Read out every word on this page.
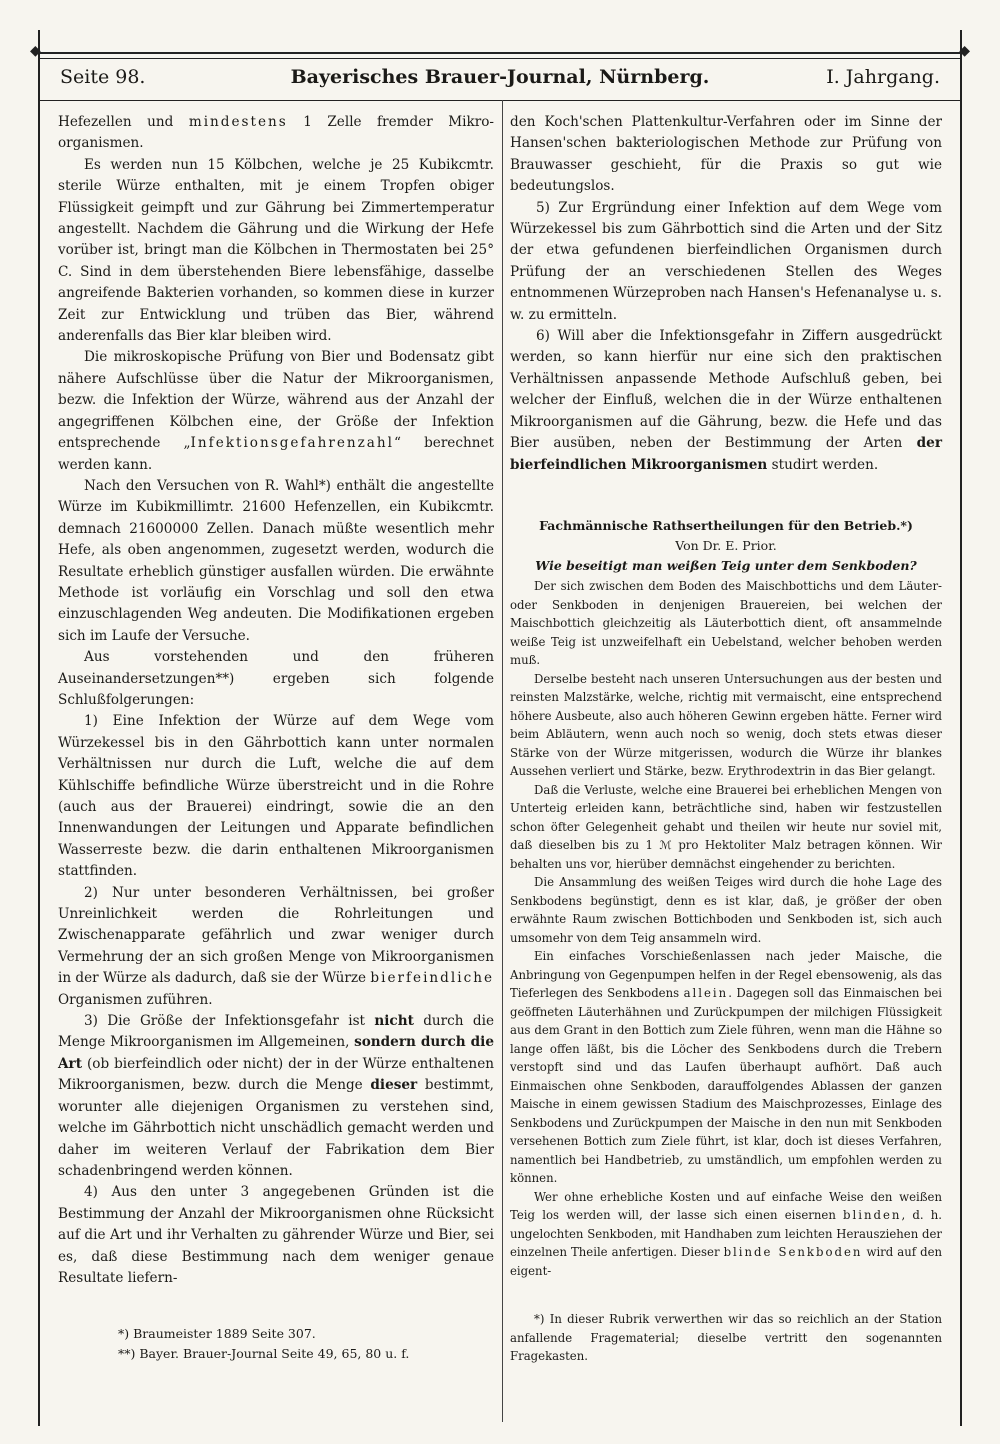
◆	◆
Seite 98.	Bayerisches Brauer-Journal, Nürnberg.	I. Jahrgang.

Hefezellen und mindestens 1 Zelle fremder Mikro-organismen.

Es werden nun 15 Kölbchen, welche je 25 Kubikcmtr. sterile Würze enthalten, mit je einem Tropfen obiger Flüssigkeit geimpft und zur Gährung bei Zimmertemperatur angestellt. Nachdem die Gährung und die Wirkung der Hefe vorüber ist, bringt man die Kölbchen in Thermostaten bei 25° C. Sind in dem überstehenden Biere lebensfähige, dasselbe angreifende Bakterien vorhanden, so kommen diese in kurzer Zeit zur Entwicklung und trüben das Bier, während anderenfalls das Bier klar bleiben wird.

Die mikroskopische Prüfung von Bier und Bodensatz gibt nähere Aufschlüsse über die Natur der Mikroorganismen, bezw. die Infektion der Würze, während aus der Anzahl der angegriffenen Kölbchen eine, der Größe der Infektion entsprechende „Infektionsgefahrenzahl“ berechnet werden kann.

Nach den Versuchen von R. Wahl*) enthält die angestellte Würze im Kubikmillimtr. 21600 Hefenzellen, ein Kubikcmtr. demnach 21600000 Zellen. Danach müßte wesentlich mehr Hefe, als oben angenommen, zugesetzt werden, wodurch die Resultate erheblich günstiger ausfallen würden. Die erwähnte Methode ist vorläufig ein Vorschlag und soll den etwa einzuschlagenden Weg andeuten. Die Modifikationen ergeben sich im Laufe der Versuche.

Aus vorstehenden und den früheren Auseinandersetzungen**) ergeben sich folgende Schlußfolgerungen:

1) Eine Infektion der Würze auf dem Wege vom Würzekessel bis in den Gährbottich kann unter normalen Verhältnissen nur durch die Luft, welche die auf dem Kühlschiffe befindliche Würze überstreicht und in die Rohre (auch aus der Brauerei) eindringt, sowie die an den Innenwandungen der Leitungen und Apparate befindlichen Wasserreste bezw. die darin enthaltenen Mikroorganismen stattfinden.

2) Nur unter besonderen Verhältnissen, bei großer Unreinlichkeit werden die Rohrleitungen und Zwischenapparate gefährlich und zwar weniger durch Vermehrung der an sich großen Menge von Mikroorganismen in der Würze als dadurch, daß sie der Würze bierfeindliche Organismen zuführen.

3) Die Größe der Infektionsgefahr ist nicht durch die Menge Mikroorganismen im Allgemeinen, sondern durch die Art (ob bierfeindlich oder nicht) der in der Würze enthaltenen Mikroorganismen, bezw. durch die Menge dieser bestimmt, worunter alle diejenigen Organismen zu verstehen sind, welche im Gährbottich nicht unschädlich gemacht werden und daher im weiteren Verlauf der Fabrikation dem Bier schadenbringend werden können.

4) Aus den unter 3 angegebenen Gründen ist die Bestimmung der Anzahl der Mikroorganismen ohne Rücksicht auf die Art und ihr Verhalten zu gährender Würze und Bier, sei es, daß diese Bestimmung nach dem weniger genaue Resultate liefern-

*) Braumeister 1889 Seite 307.
**) Bayer. Brauer-Journal Seite 49, 65, 80 u. f.

den Koch'schen Plattenkultur-Verfahren oder im Sinne der Hansen'schen bakteriologischen Methode zur Prüfung von Brauwasser geschieht, für die Praxis so gut wie bedeutungslos.

5) Zur Ergründung einer Infektion auf dem Wege vom Würzekessel bis zum Gährbottich sind die Arten und der Sitz der etwa gefundenen bierfeindlichen Organismen durch Prüfung der an verschiedenen Stellen des Weges entnommenen Würzeproben nach Hansen's Hefenanalyse u. s. w. zu ermitteln.

6) Will aber die Infektionsgefahr in Ziffern ausgedrückt werden, so kann hierfür nur eine sich den praktischen Verhältnissen anpassende Methode Aufschluß geben, bei welcher der Einfluß, welchen die in der Würze enthaltenen Mikroorganismen auf die Gährung, bezw. die Hefe und das Bier ausüben, neben der Bestimmung der Arten der bierfeindlichen Mikroorganismen studirt werden.

Fachmännische Rathsertheilungen für den Betrieb.*)
Von Dr. E. Prior.
Wie beseitigt man weißen Teig unter dem Senkboden?

Der sich zwischen dem Boden des Maischbottichs und dem Läuter- oder Senkboden in denjenigen Brauereien, bei welchen der Maischbottich gleichzeitig als Läuterbottich dient, oft ansammelnde weiße Teig ist unzweifelhaft ein Uebelstand, welcher behoben werden muß.

Derselbe besteht nach unseren Untersuchungen aus der besten und reinsten Malzstärke, welche, richtig mit vermaischt, eine entsprechend höhere Ausbeute, also auch höheren Gewinn ergeben hätte. Ferner wird beim Abläutern, wenn auch noch so wenig, doch stets etwas dieser Stärke von der Würze mitgerissen, wodurch die Würze ihr blankes Aussehen verliert und Stärke, bezw. Erythrodextrin in das Bier gelangt.

Daß die Verluste, welche eine Brauerei bei erheblichen Mengen von Unterteig erleiden kann, beträchtliche sind, haben wir festzustellen schon öfter Gelegenheit gehabt und theilen wir heute nur soviel mit, daß dieselben bis zu 1 ℳ pro Hektoliter Malz betragen können. Wir behalten uns vor, hierüber demnächst eingehender zu berichten.

Die Ansammlung des weißen Teiges wird durch die hohe Lage des Senkbodens begünstigt, denn es ist klar, daß, je größer der oben erwähnte Raum zwischen Bottichboden und Senkboden ist, sich auch umsomehr von dem Teig ansammeln wird.

Ein einfaches Vorschießenlassen nach jeder Maische, die Anbringung von Gegenpumpen helfen in der Regel ebensowenig, als das Tieferlegen des Senkbodens allein. Dagegen soll das Einmaischen bei geöffneten Läuterhähnen und Zurückpumpen der milchigen Flüssigkeit aus dem Grant in den Bottich zum Ziele führen, wenn man die Hähne so lange offen läßt, bis die Löcher des Senkbodens durch die Trebern verstopft sind und das Laufen überhaupt aufhört. Daß auch Einmaischen ohne Senkboden, darauffolgendes Ablassen der ganzen Maische in einem gewissen Stadium des Maischprozesses, Einlage des Senkbodens und Zurückpumpen der Maische in den nun mit Senkboden versehenen Bottich zum Ziele führt, ist klar, doch ist dieses Verfahren, namentlich bei Handbetrieb, zu umständlich, um empfohlen werden zu können.

Wer ohne erhebliche Kosten und auf einfache Weise den weißen Teig los werden will, der lasse sich einen eisernen blinden, d. h. ungelochten Senkboden, mit Handhaben zum leichten Herausziehen der einzelnen Theile anfertigen. Dieser blinde Senkboden wird auf den eigent-

*) In dieser Rubrik verwerthen wir das so reichlich an der Station anfallende Fragematerial; dieselbe vertritt den sogenannten Fragekasten.
